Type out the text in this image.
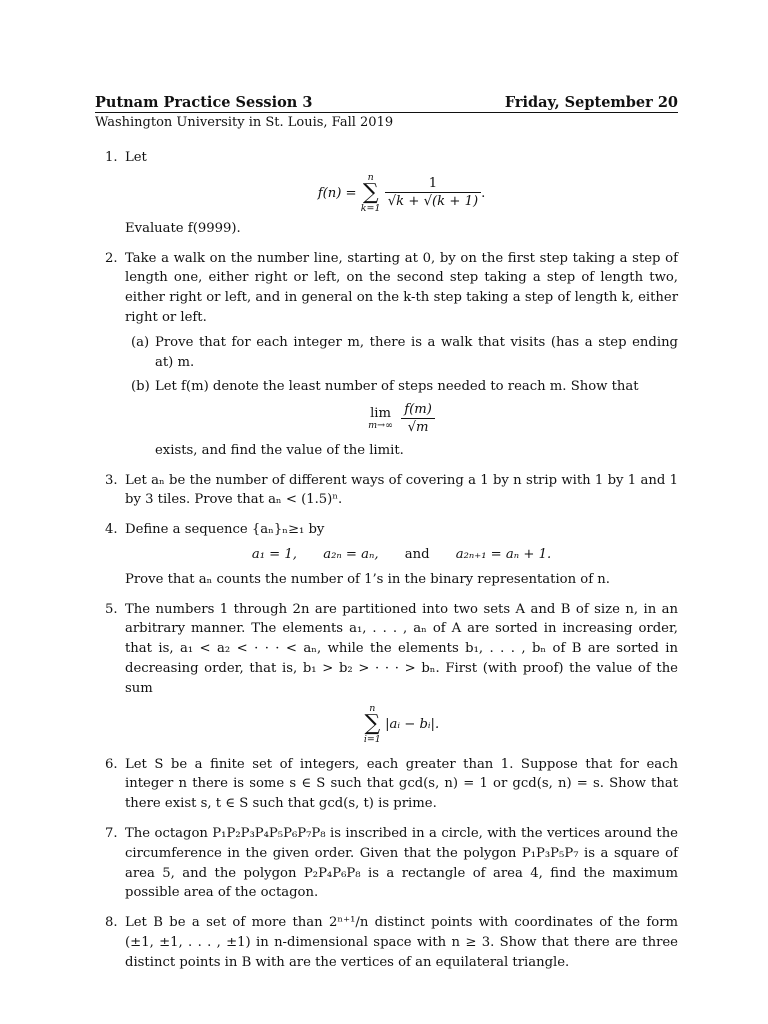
Putnam Practice Session 3	Friday, September 20
Washington University in St. Louis, Fall 2019
1. Let

f(n) =
n
∑
k=1
$\frac{1}{√k + √(k + 1)}$ .

Evaluate f(9999).

2. Take a walk on the number line, starting at 0, by on the first step taking a step of length one, either right or left, on the second step taking a step of length two, either right or left, and in general on the k-th step taking a step of length k, either right or left.

(a) Prove that for each integer m, there is a walk that visits (has a step ending at) m.

(b) Let f(m) denote the least number of steps needed to reach m. Show that

lim
m→∞
$\frac{f(m)}{√m}$

exists, and find the value of the limit.

3. Let aₙ be the number of different ways of covering a 1 by n strip with 1 by 1 and 1 by 3 tiles. Prove that aₙ < (1.5)ⁿ.

4. Define a sequence {aₙ}ₙ≥₁ by

a₁ = 1, a₂ₙ = aₙ, and a₂ₙ₊₁ = aₙ + 1.

Prove that aₙ counts the number of 1’s in the binary representation of n.

5. The numbers 1 through 2n are partitioned into two sets A and B of size n, in an arbitrary manner. The elements a₁, . . . , aₙ of A are sorted in increasing order, that is, a₁ < a₂ < · · · < aₙ, while the elements b₁, . . . , bₙ of B are sorted in decreasing order, that is, b₁ > b₂ > · · · > bₙ. First (with proof) the value of the sum

n
∑
i=1
|aᵢ − bᵢ|.
6. Let S be a finite set of integers, each greater than 1. Suppose that for each integer n there is some s ∈ S such that gcd(s, n) = 1 or gcd(s, n) = s. Show that there exist s, t ∈ S such that gcd(s, t) is prime.

7. The octagon P₁P₂P₃P₄P₅P₆P₇P₈ is inscribed in a circle, with the vertices around the circumference in the given order. Given that the polygon P₁P₃P₅P₇ is a square of area 5, and the polygon P₂P₄P₆P₈ is a rectangle of area 4, find the maximum possible area of the octagon.

8. Let B be a set of more than 2ⁿ⁺¹/n distinct points with coordinates of the form (±1, ±1, . . . , ±1) in n-dimensional space with n ≥ 3. Show that there are three distinct points in B with are the vertices of an equilateral triangle.
